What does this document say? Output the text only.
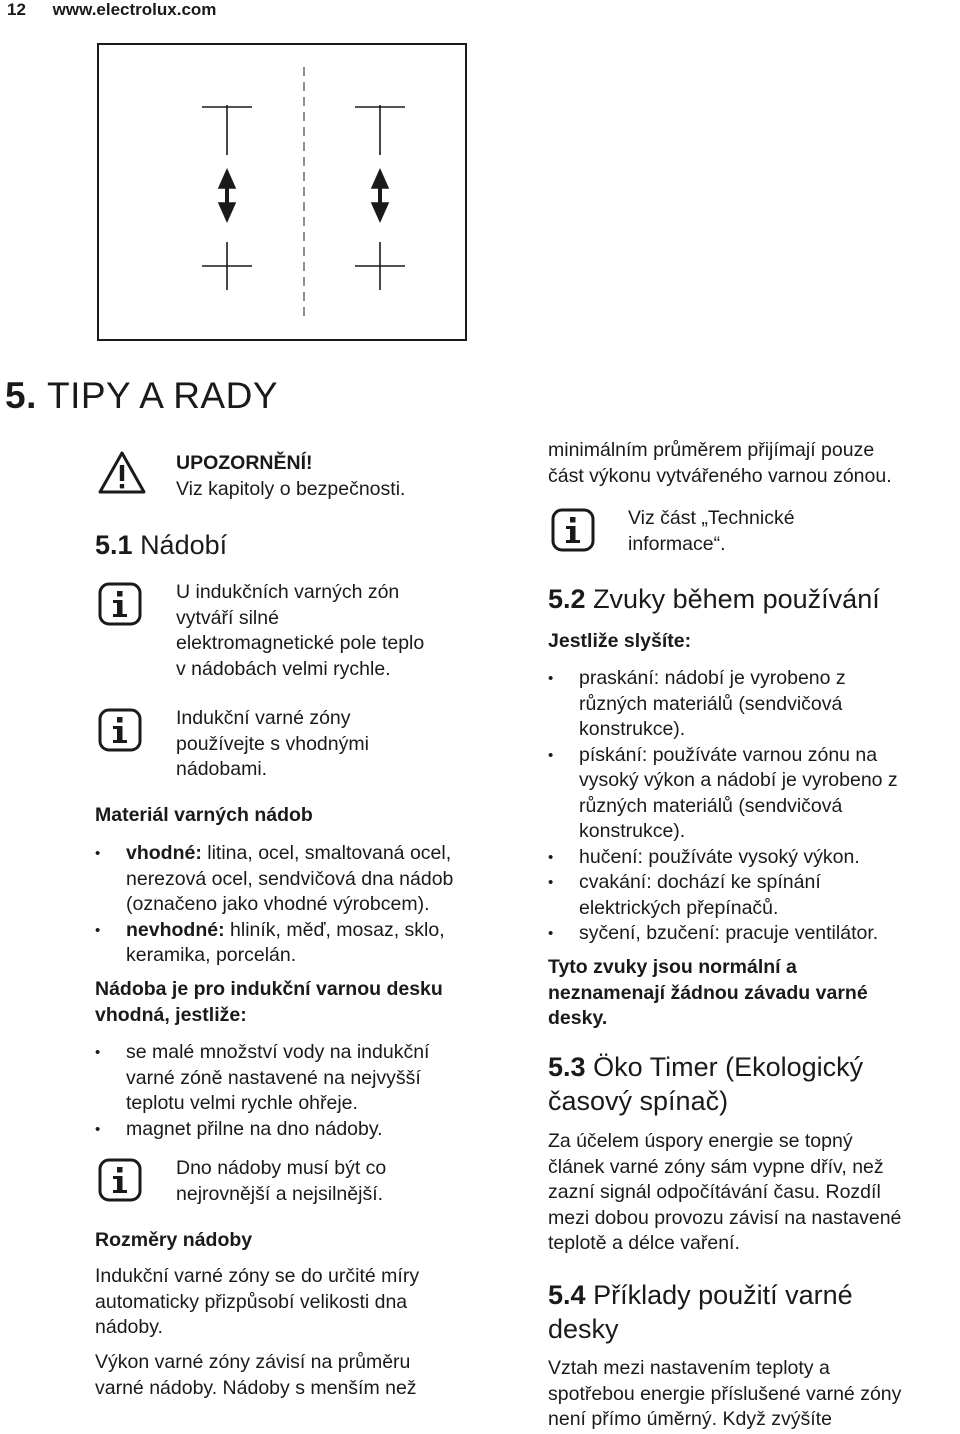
12 www.electrolux.com
5. TIPY A RADY
UPOZORNĚNÍ!
Viz kapitoly o bezpečnosti.
5.1 Nádobí
U indukčních varných zón
vytváří silné
elektromagnetické pole teplo
v nádobách velmi rychle.
Indukční varné zóny
používejte s vhodnými
nádobami.
Materiál varných nádob
• vhodné: litina, ocel, smaltovaná ocel,
nerezová ocel, sendvičová dna nádob
(označeno jako vhodné výrobcem).
• nevhodné: hliník, měď, mosaz, sklo,
keramika, porcelán.
Nádoba je pro indukční varnou desku
vhodná, jestliže:
• se malé množství vody na indukční
varné zóně nastavené na nejvyšší
teplotu velmi rychle ohřeje.
• magnet přilne na dno nádoby.
Dno nádoby musí být co
nejrovnější a nejsilnější.
Rozměry nádoby
Indukční varné zóny se do určité míry
automaticky přizpůsobí velikosti dna
nádoby.
Výkon varné zóny závisí na průměru
varné nádoby. Nádoby s menším než
minimálním průměrem přijímají pouze
část výkonu vytvářeného varnou zónou.
Viz část „Technické
informace“.
5.2 Zvuky během používání
Jestliže slyšíte:
• praskání: nádobí je vyrobeno z
různých materiálů (sendvičová
konstrukce).
• pískání: používáte varnou zónu na
vysoký výkon a nádobí je vyrobeno z
různých materiálů (sendvičová
konstrukce).
• hučení: používáte vysoký výkon.
• cvakání: dochází ke spínání
elektrických přepínačů.
• syčení, bzučení: pracuje ventilátor.
Tyto zvuky jsou normální a
neznamenají žádnou závadu varné
desky.
5.3 Öko Timer (Ekologický
časový spínač)
Za účelem úspory energie se topný
článek varné zóny sám vypne dřív, než
zazní signál odpočítávání času. Rozdíl
mezi dobou provozu závisí na nastavené
teplotě a délce vaření.
5.4 Příklady použití varné
desky
Vztah mezi nastavením teploty a
spotřebou energie příslušené varné zóny
není přímo úměrný. Když zvýšíte
